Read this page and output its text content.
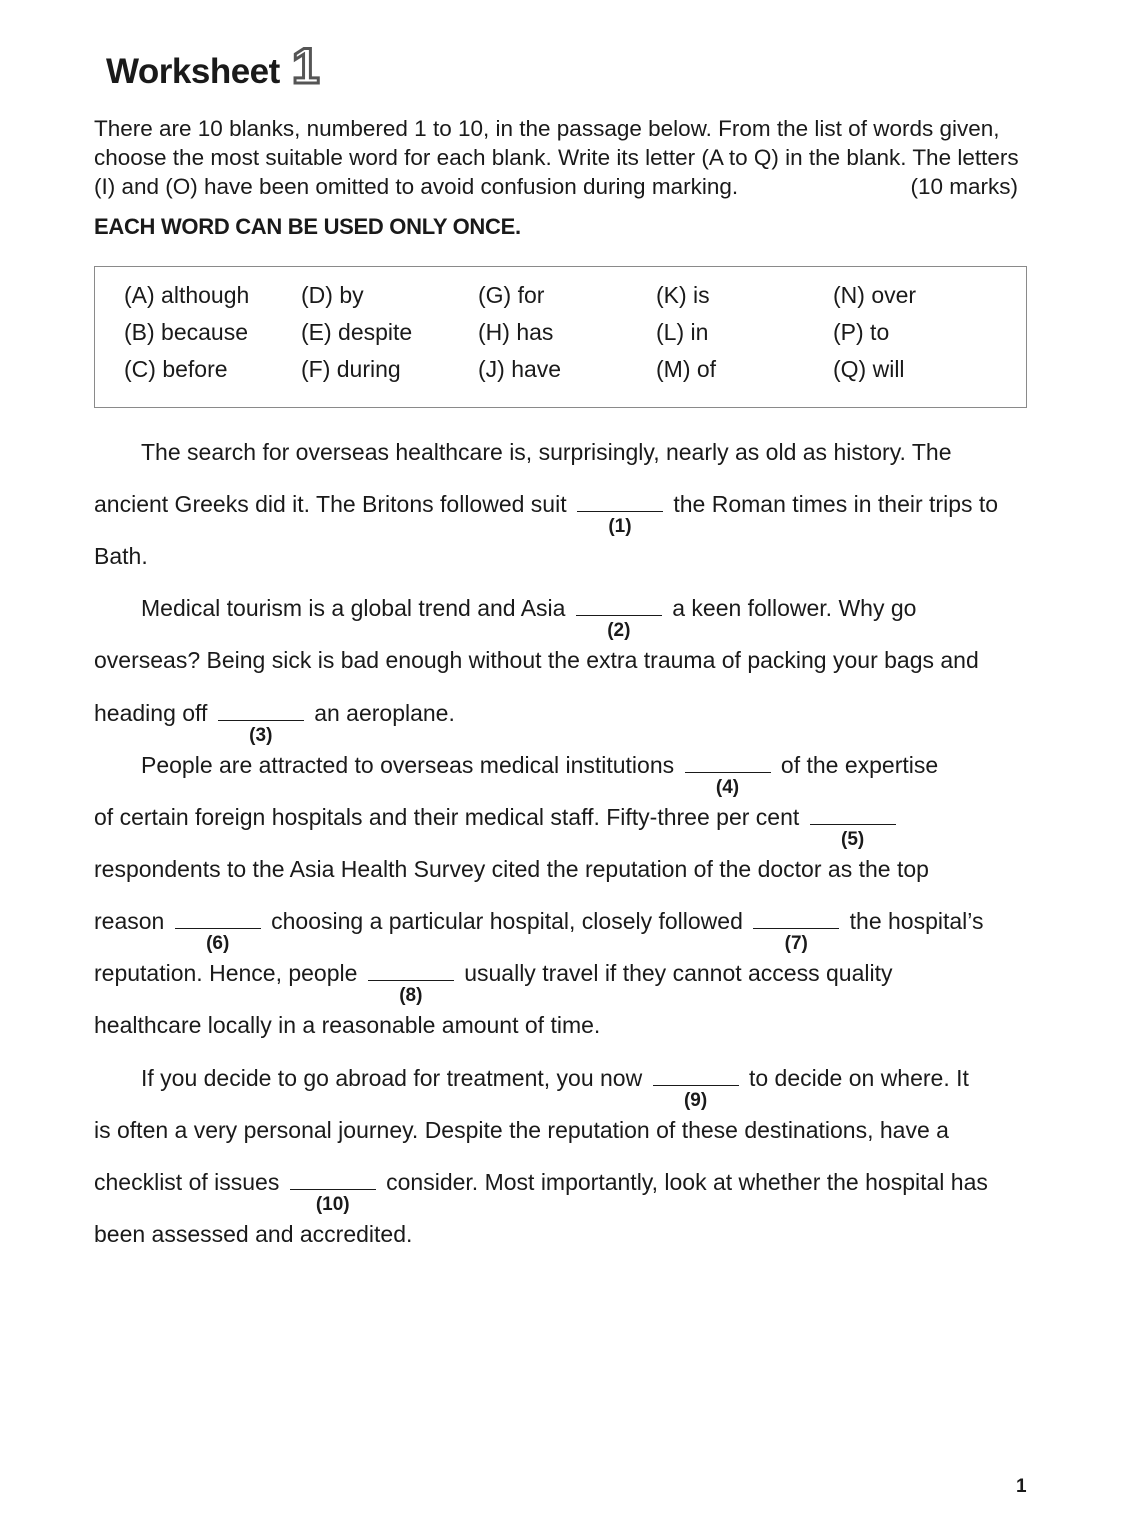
Worksheet 1
There are 10 blanks, numbered 1 to 10, in the passage below. From the list of words given,
choose the most suitable word for each blank. Write its letter (A to Q) in the blank. The letters
(I) and (O) have been omitted to avoid confusion during marking.	(10 marks)
EACH WORD CAN BE USED ONLY ONCE.
(A) although (D) by	(G) for	(K) is	(N) over
(B) because (E) despite	(H) has	(L) in	(P) to
(C) before	(F) during	(J) have	(M) of	(Q) will
The search for overseas healthcare is, surprisingly, nearly as old as history. The
ancient Greeks did it. The Britons followed suit
(1)
the Roman times in their trips to
Bath.
Medical tourism is a global trend and Asia
(2)
a keen follower. Why go
overseas? Being sick is bad enough without the extra trauma of packing your bags and
heading off
(3)
an aeroplane.
People are attracted to overseas medical institutions
(4)
of the expertise
of certain foreign hospitals and their medical staff. Fifty-three per cent
(5)
respondents to the Asia Health Survey cited the reputation of the doctor as the top
reason
(6)
choosing a particular hospital, closely followed
(7)
the hospital’s
reputation. Hence, people
(8)
usually travel if they cannot access quality
healthcare locally in a reasonable amount of time.
If you decide to go abroad for treatment, you now
(9)
to decide on where. It
is often a very personal journey. Despite the reputation of these destinations, have a
checklist of issues
(10)
consider. Most importantly, look at whether the hospital has
been assessed and accredited.
1
